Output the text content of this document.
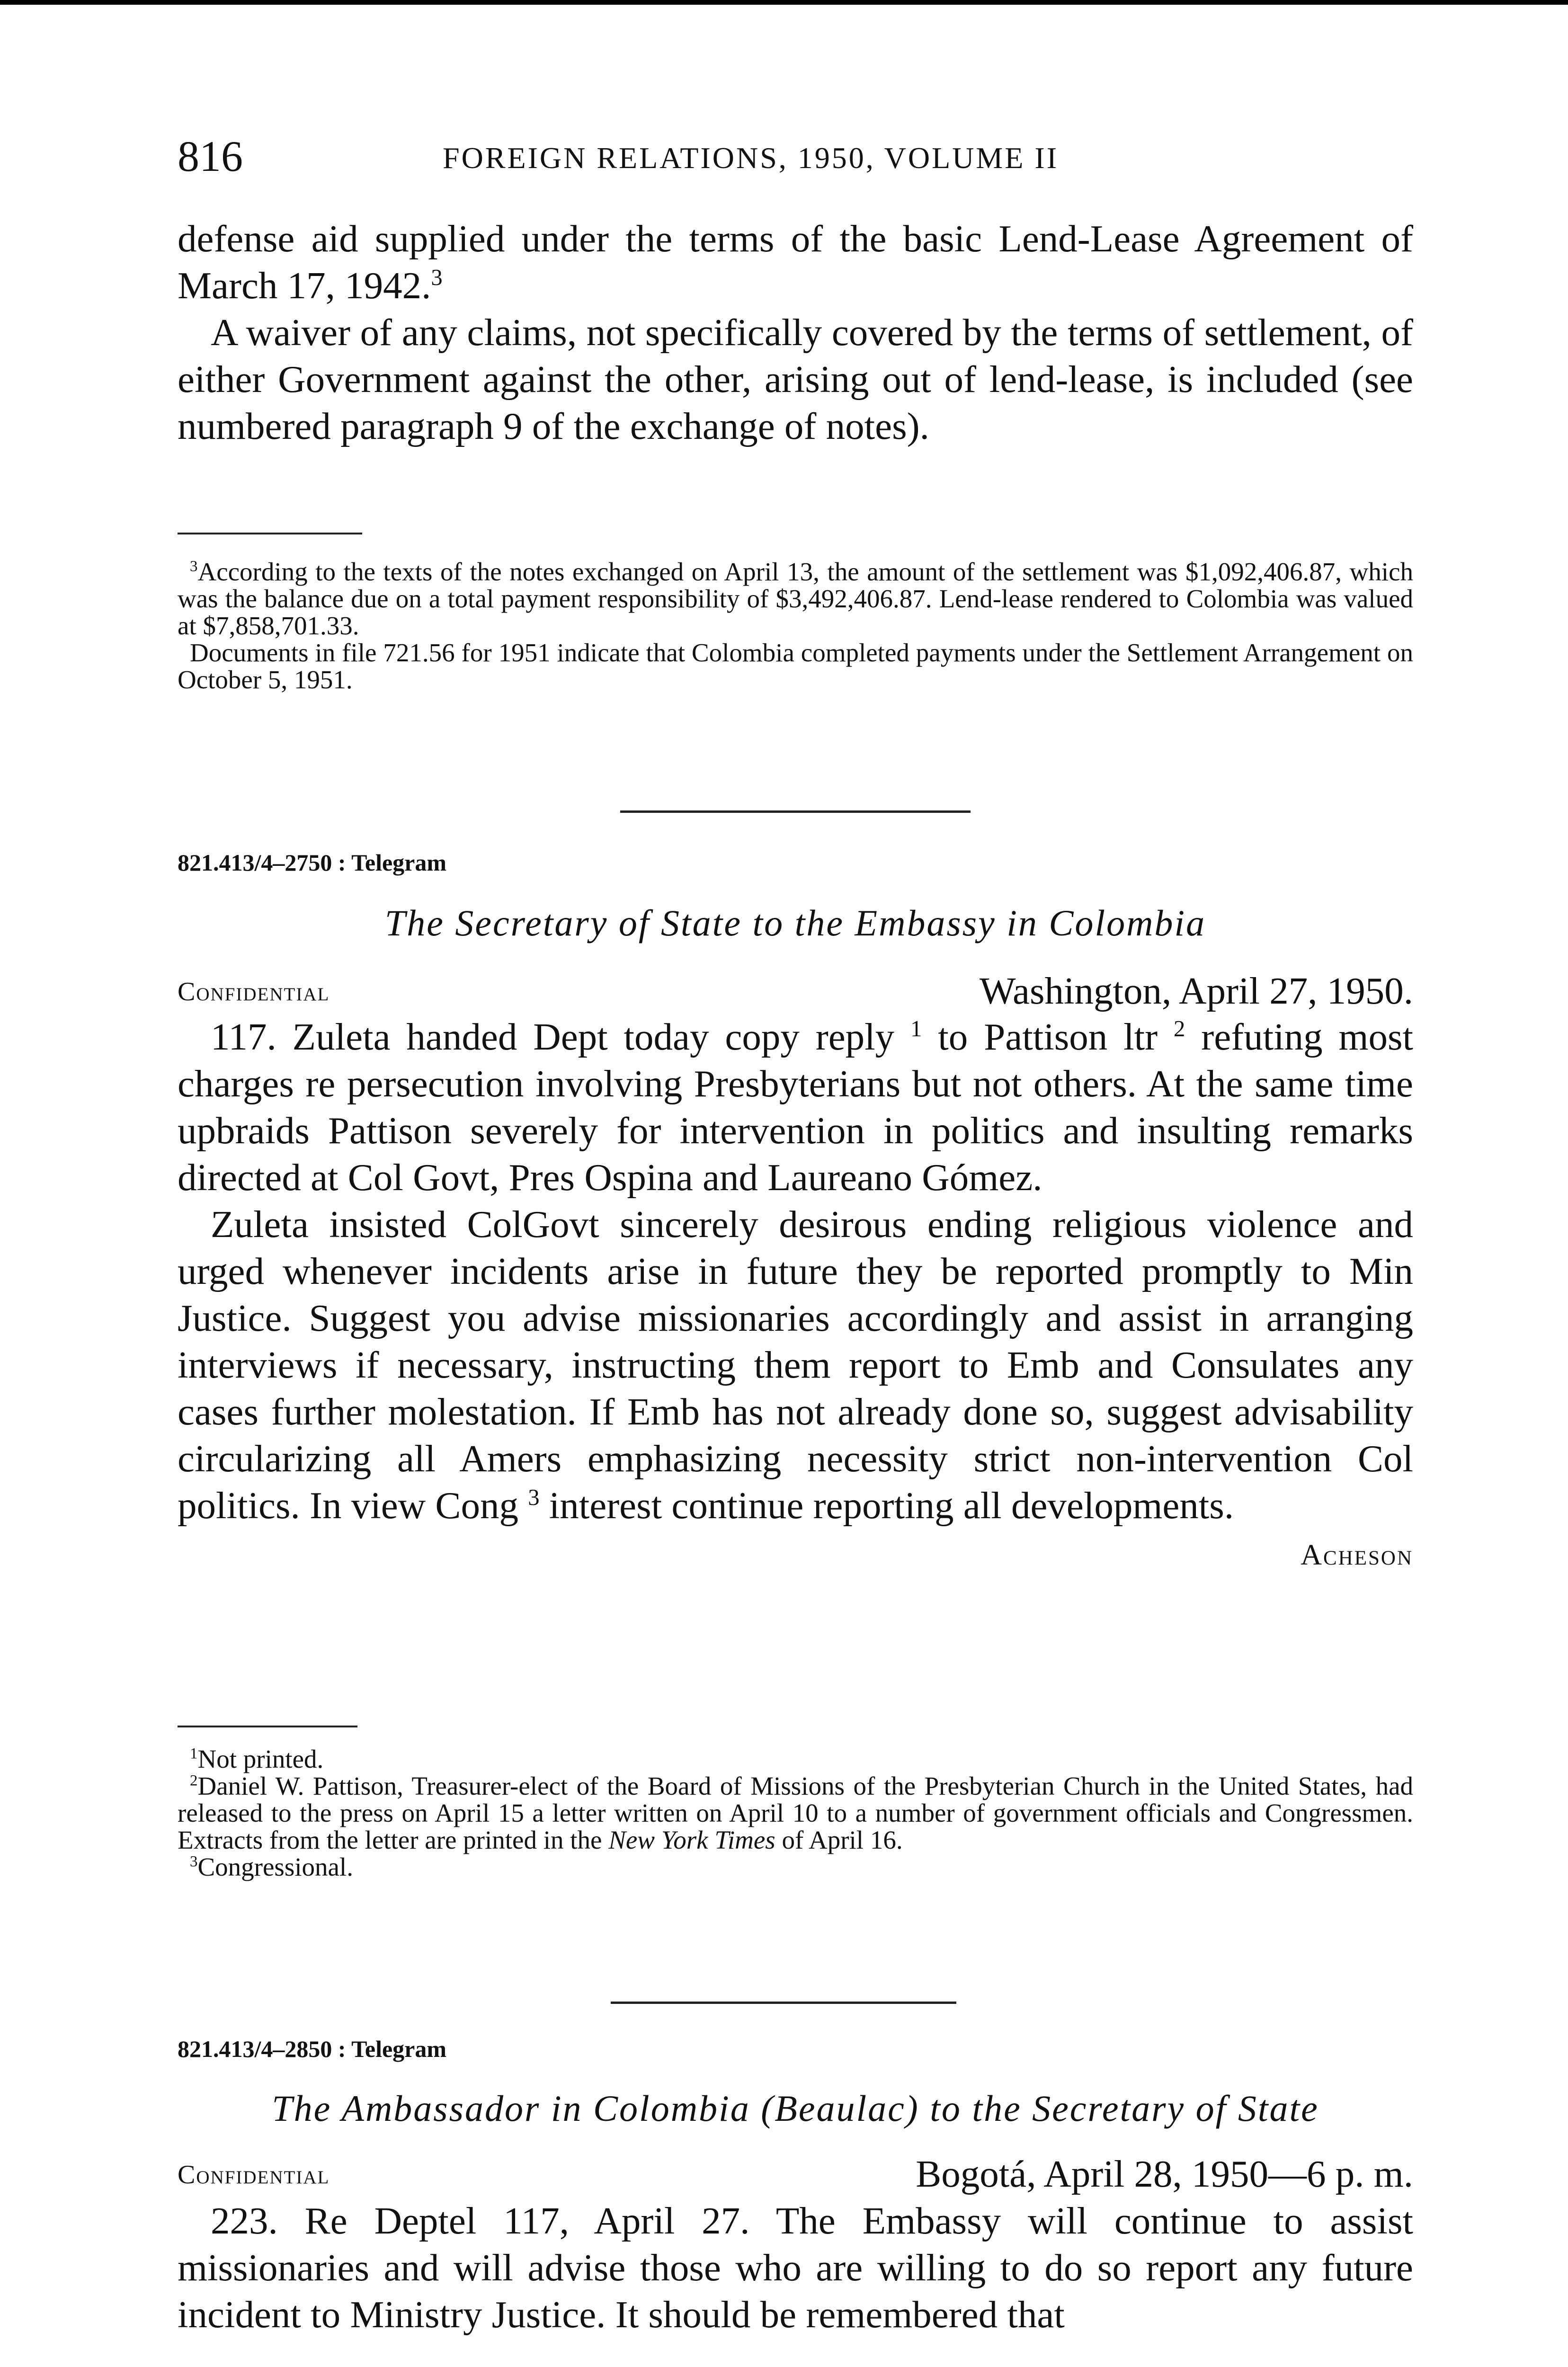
816	FOREIGN RELATIONS, 1950, VOLUME II

defense aid supplied under the terms of the basic Lend-Lease Agreement of March 17, 1942.$^3$

A waiver of any claims, not specifically covered by the terms of settlement, of either Government against the other, arising out of lend-lease, is included (see numbered paragraph 9 of the exchange of notes).

$^3$According to the texts of the notes exchanged on April 13, the amount of the settlement was $1,092,406.87, which was the balance due on a total payment responsibility of $3,492,406.87. Lend-lease rendered to Colombia was valued at $7,858,701.33.

Documents in file 721.56 for 1951 indicate that Colombia completed payments under the Settlement Arrangement on October 5, 1951.

821.413/4–2750 : Telegram
The Secretary of State to the Embassy in Colombia
Confidential	Washington, April 27, 1950.

117. Zuleta handed Dept today copy reply $^1$ to Pattison ltr $^2$ refuting most charges re persecution involving Presbyterians but not others. At the same time upbraids Pattison severely for intervention in politics and insulting remarks directed at Col Govt, Pres Ospina and Laureano Gómez.

Zuleta insisted ColGovt sincerely desirous ending religious violence and urged whenever incidents arise in future they be reported promptly to Min Justice. Suggest you advise missionaries accordingly and assist in arranging interviews if necessary, instructing them report to Emb and Consulates any cases further molestation. If Emb has not already done so, suggest advisability circularizing all Amers emphasizing necessity strict non-intervention Col politics. In view Cong $^3$ interest continue reporting all developments.

Acheson

$^1$Not printed.

$^2$Daniel W. Pattison, Treasurer-elect of the Board of Missions of the Presbyterian Church in the United States, had released to the press on April 15 a letter written on April 10 to a number of government officials and Congressmen. Extracts from the letter are printed in the New York Times of April 16.

$^3$Congressional.

821.413/4–2850 : Telegram
The Ambassador in Colombia (Beaulac) to the Secretary of State
Confidential	Bogotá, April 28, 1950—6 p. m.

223. Re Deptel 117, April 27. The Embassy will continue to assist missionaries and will advise those who are willing to do so report any future incident to Ministry Justice. It should be remembered that
